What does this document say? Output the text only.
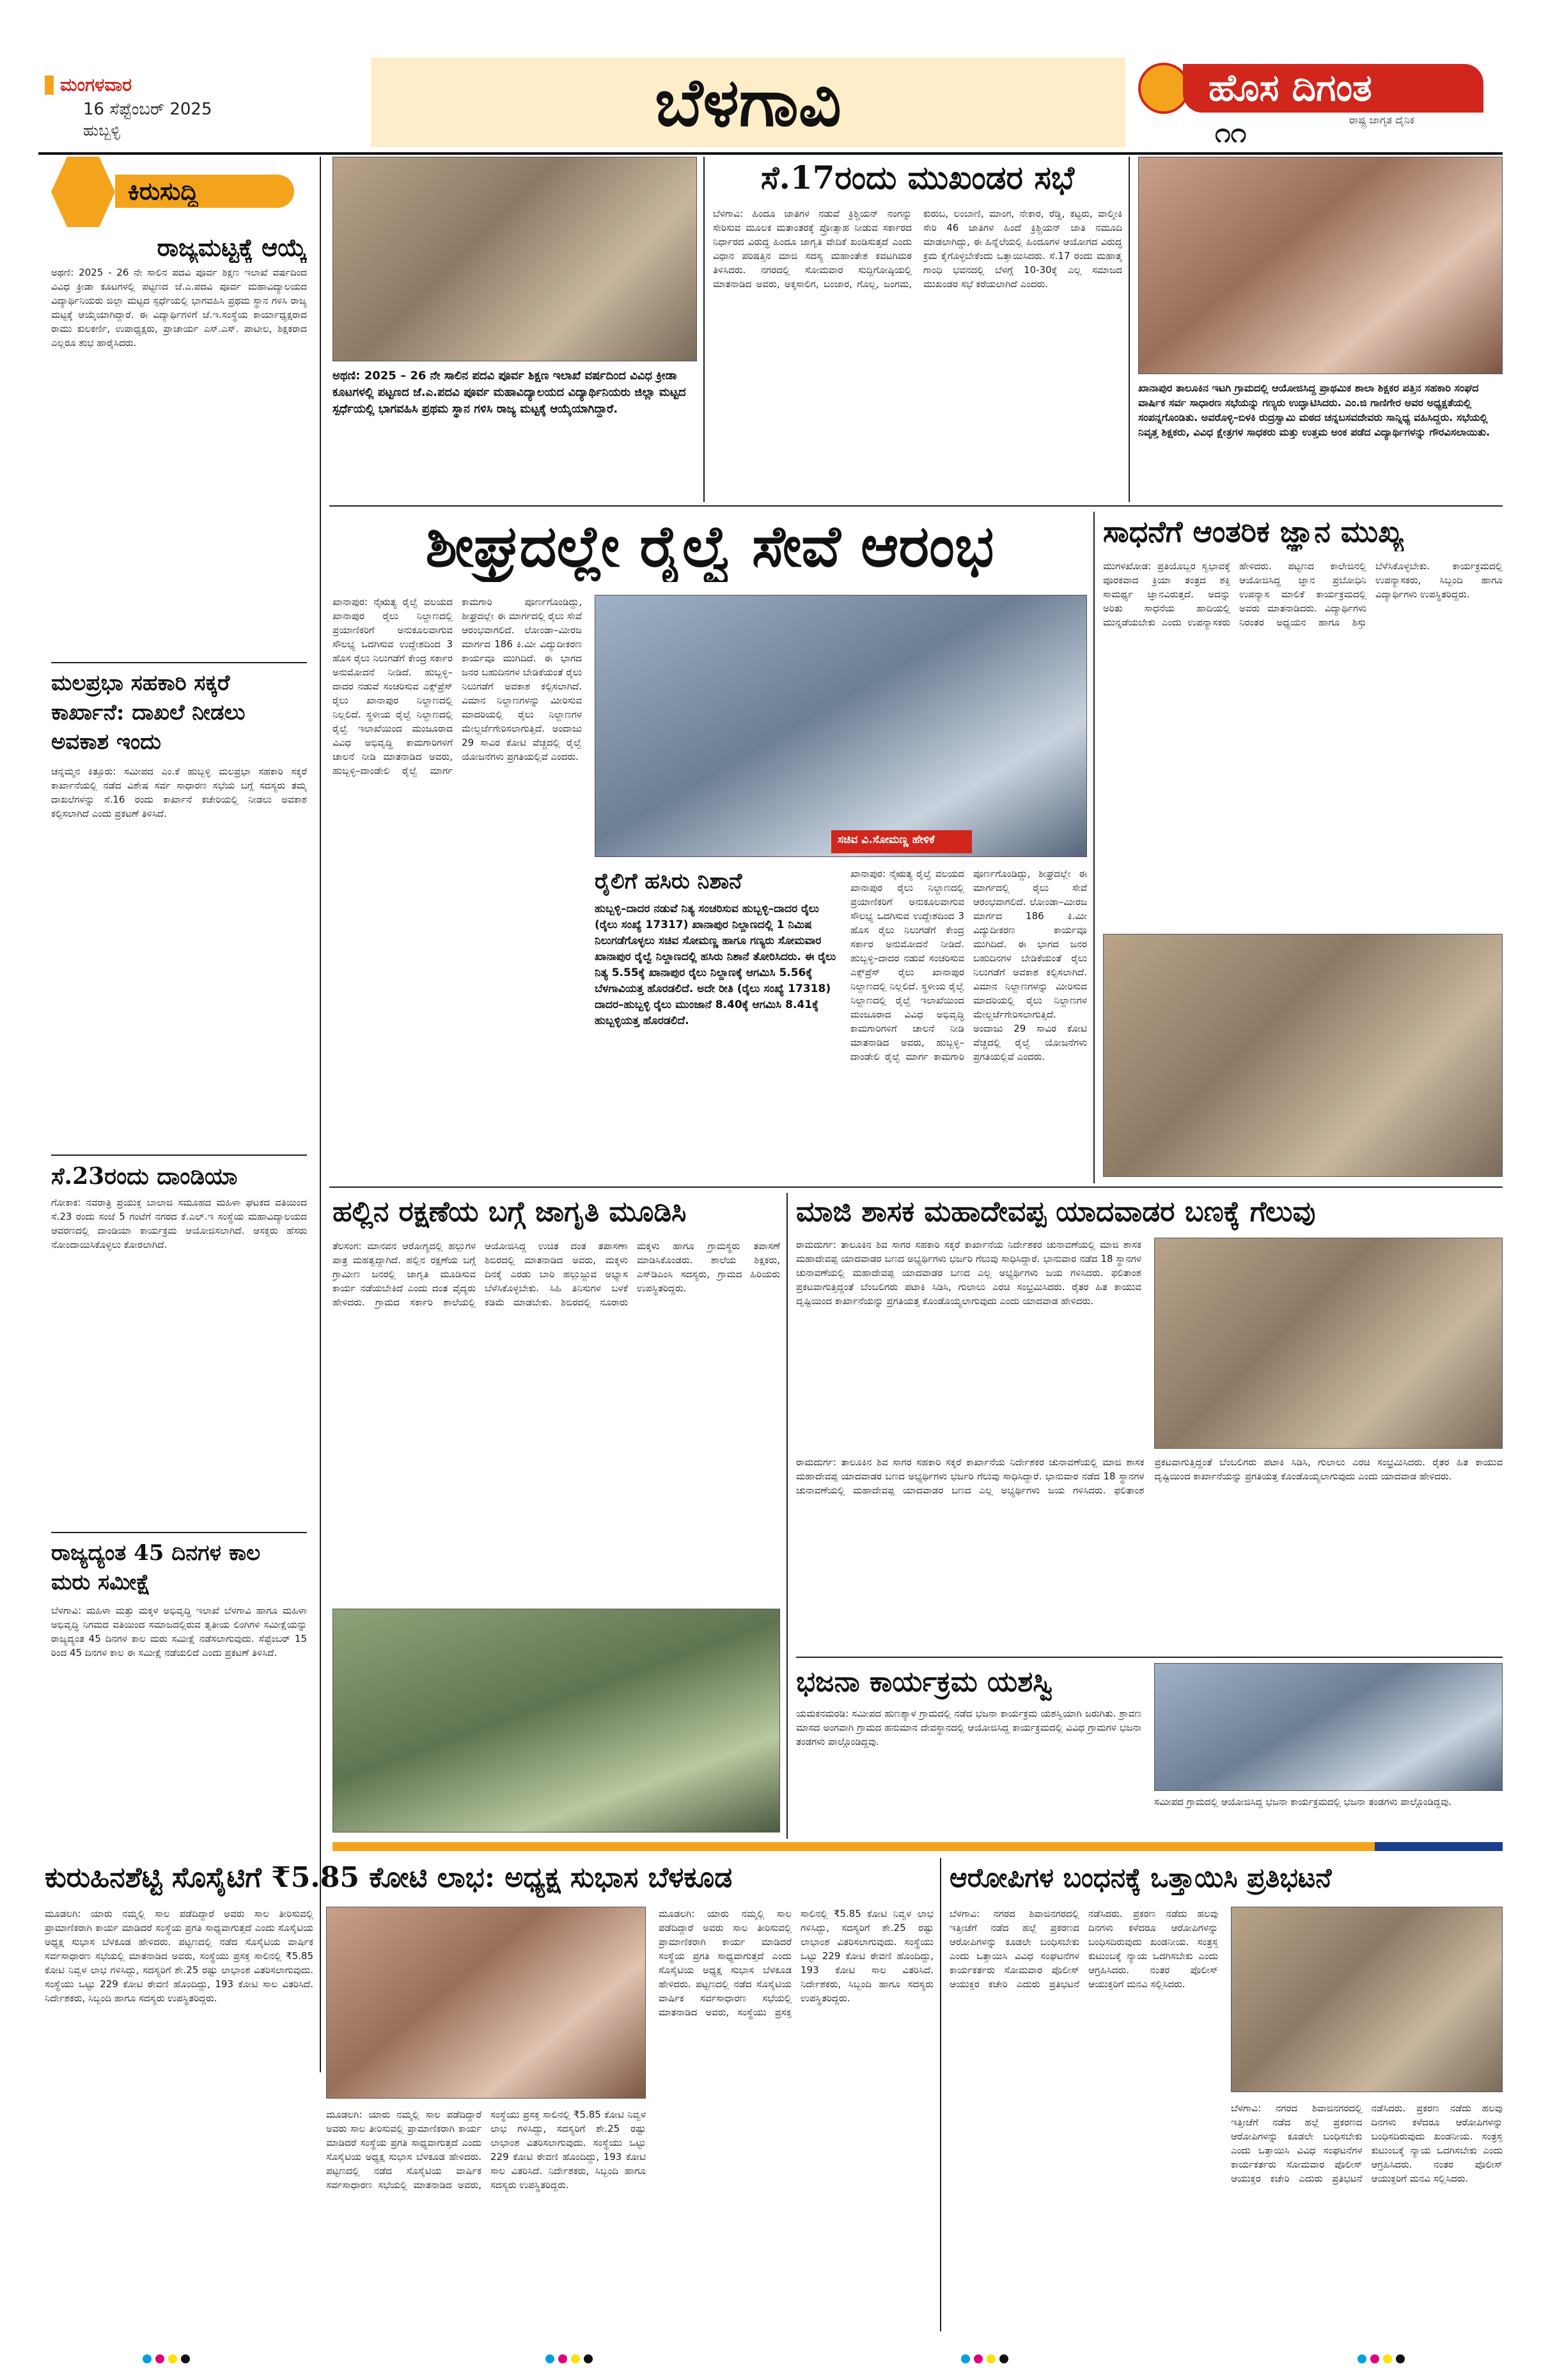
ಮಂಗಳವಾರ
16 ಸೆಪ್ಟೆಂಬರ್ 2025
ಹುಬ್ಬಳ್ಳಿ	ಬೆಳಗಾವಿ	ಹೊಸ ದಿಗಂತ
ರಾಷ್ಟ್ರ ಜಾಗೃತ ದೈನಿಕ
೧೧
ಕಿರುಸುದ್ದಿ
ರಾಜ್ಯಮಟ್ಟಕ್ಕೆ ಆಯ್ಕೆ
ಅಥಣಿ: 2025 - 26 ನೇ ಸಾಲಿನ ಪದವಿ ಪೂರ್ವ ಶಿಕ್ಷಣ ಇಲಾಖೆ ವರ್ಷದಿಂದ ವಿವಿಧ ಕ್ರೀಡಾ ಕೂಟಗಳಲ್ಲಿ ಪಟ್ಟಣದ ಜೆ.ಎ.ಪದವಿ ಪೂರ್ವ ಮಹಾವಿದ್ಯಾಲಯದ ವಿದ್ಯಾರ್ಥಿನಿಯರು ಜಿಲ್ಲಾ ಮಟ್ಟದ ಸ್ಪರ್ಧೆಯಲ್ಲಿ ಭಾಗವಹಿಸಿ ಪ್ರಥಮ ಸ್ಥಾನ ಗಳಿಸಿ ರಾಜ್ಯ ಮಟ್ಟಕ್ಕೆ ಆಯ್ಕೆಯಾಗಿದ್ದಾರೆ. ಈ ವಿದ್ಯಾರ್ಥಿಗಳಿಗೆ ಜೆ.ಇ.ಸಂಸ್ಥೆಯ ಕಾರ್ಯಾಧ್ಯಕ್ಷರಾದ ರಾಮು ಕುಲಕರ್ಣಿ, ಉಪಾಧ್ಯಕ್ಷರು, ಪ್ರಾಚಾರ್ಯ ಎಸ್.ಎಸ್. ಪಾಟೀಲ, ಶಿಕ್ಷಕರಾದ ಎಲ್ಲರೂ ಶುಭ ಹಾರೈಸಿದರು.
ಮಲಪ್ರಭಾ ಸಹಕಾರಿ ಸಕ್ಕರೆ ಕಾರ್ಖಾನೆ: ದಾಖಲೆ ನೀಡಲು ಅವಕಾಶ ಇಂದು
ಚನ್ನಮ್ಮನ ಕಿತ್ತೂರು: ಸಮೀಪದ ಎಂ.ಕೆ ಹುಬ್ಬಳ್ಳಿ ಮಲಪ್ರಭಾ ಸಹಕಾರಿ ಸಕ್ಕರೆ ಕಾರ್ಖಾನೆಯಲ್ಲಿ ನಡೆದ ವಿಶೇಷ ಸರ್ವ ಸಾಧಾರಣ ಸಭೆಯ ಬಗ್ಗೆ ಸದಸ್ಯರು ತಮ್ಮ ದಾಖಲೆಗಳನ್ನು ಸೆ.16 ರಂದು ಕಾರ್ಖಾನೆ ಕಚೇರಿಯಲ್ಲಿ ನೀಡಲು ಅವಕಾಶ ಕಲ್ಪಿಸಲಾಗಿದೆ ಎಂದು ಪ್ರಕಟಣೆ ತಿಳಿಸಿದೆ.
ಸೆ.23ರಂದು ದಾಂಡಿಯಾ
ಗೋಕಾಕ: ನವರಾತ್ರಿ ಪ್ರಯುಕ್ತ ಬಾಲಾಜಿ ಸಮೂಹದ ಮಹಿಳಾ ಘಟಕದ ವತಿಯಿಂದ ಸೆ.23 ರಂದು ಸಂಜೆ 5 ಗಂಟೆಗೆ ನಗರದ ಕೆ.ಎಲ್.ಇ ಸಂಸ್ಥೆಯ ಮಹಾವಿದ್ಯಾಲಯದ ಆವರಣದಲ್ಲಿ ದಾಂಡಿಯಾ ಕಾರ್ಯಕ್ರಮ ಆಯೋಜಿಸಲಾಗಿದೆ. ಆಸಕ್ತರು ಹೆಸರು ನೋಂದಾಯಿಸಿಕೊಳ್ಳಲು ಕೋರಲಾಗಿದೆ.
ರಾಜ್ಯದ್ಯಂತ 45 ದಿನಗಳ ಕಾಲ ಮರು ಸಮೀಕ್ಷೆ
ಬೆಳಗಾವಿ: ಮಹಿಳಾ ಮತ್ತು ಮಕ್ಕಳ ಅಭಿವೃದ್ಧಿ ಇಲಾಖೆ ಬೆಳಗಾವಿ ಹಾಗೂ ಮಹಿಳಾ ಅಭಿವೃದ್ಧಿ ನಿಗಮದ ವತಿಯಿಂದ ಸಮಾಜದಲ್ಲಿರುವ ತೃತೀಯ ಲಿಂಗಿಗಳ ಸಮೀಕ್ಷೆಯನ್ನು ರಾಜ್ಯದ್ಯಂತ 45 ದಿನಗಳ ಕಾಲ ಮರು ಸಮೀಕ್ಷೆ ನಡೆಸಲಾಗುವುದು. ಸೆಪ್ಟೆಂಬರ್ 15 ರಿಂದ 45 ದಿನಗಳ ಕಾಲ ಈ ಸಮೀಕ್ಷೆ ನಡೆಯಲಿದೆ ಎಂದು ಪ್ರಕಟಣೆ ತಿಳಿಸಿದೆ.
ಅಥಣಿ: 2025 – 26 ನೇ ಸಾಲಿನ ಪದವಿ ಪೂರ್ವ ಶಿಕ್ಷಣ ಇಲಾಖೆ ವರ್ಷದಿಂದ ವಿವಿಧ ಕ್ರೀಡಾ ಕೂಟಗಳಲ್ಲಿ ಪಟ್ಟಣದ ಜೆ.ಎ.ಪದವಿ ಪೂರ್ವ ಮಹಾವಿದ್ಯಾಲಯದ ವಿದ್ಯಾರ್ಥಿನಿಯರು ಜಿಲ್ಲಾ ಮಟ್ಟದ ಸ್ಪರ್ಧೆಯಲ್ಲಿ ಭಾಗವಹಿಸಿ ಪ್ರಥಮ ಸ್ಥಾನ ಗಳಿಸಿ ರಾಜ್ಯ ಮಟ್ಟಕ್ಕೆ ಆಯ್ಕೆಯಾಗಿದ್ದಾರೆ.
ಸೆ.17ರಂದು ಮುಖಂಡರ ಸಭೆ
ಬೆಳಗಾವಿ: ಹಿಂದೂ ಜಾತಿಗಳ ನಡುವೆ ಕ್ರಿಶ್ಚಿಯನ್ ನಂಗನ್ನು ಸೇರಿಸುವ ಮೂಲಕ ಮತಾಂತರಕ್ಕೆ ಪ್ರೋತ್ಸಾಹ ನೀಡುವ ಸರ್ಕಾರದ ನಿರ್ಧಾರದ ವಿರುದ್ಧ ಹಿಂದೂ ಜಾಗೃತಿ ವೇದಿಕೆ ಖಂಡಿಸುತ್ತದೆ ಎಂದು ವಿಧಾನ ಪರಿಷತ್ತಿನ ಮಾಜಿ ಸದಸ್ಯ ಮಹಾಂತೇಶ ಕವಟಗಿಮಠ ತಿಳಿಸಿದರು. ನಗರದಲ್ಲಿ ಸೋಮವಾರ ಸುದ್ದಿಗೋಷ್ಠಿಯಲ್ಲಿ ಮಾತನಾಡಿದ ಅವರು, ಅಕ್ಕಸಾಲಿಗ, ಬಂಜಾರ, ಗೊಲ್ಲ, ಜಂಗಮ, ಕುರುಬ, ಲಂಬಾಣಿ, ಮಾಂಗ, ನೇಕಾರ, ರೆಡ್ಡಿ, ಕಟ್ಟರು, ವಾಲ್ಮೀಕಿ ಸೇರಿ 46 ಜಾತಿಗಳ ಹಿಂದೆ ಕ್ರಿಶ್ಚಿಯನ್ ಜಾತಿ ನಮೂದಿ ಮಾಡಲಾಗಿದ್ದು, ಈ ಹಿನ್ನೆಲೆಯಲ್ಲಿ ಹಿಂದೂಗಳ ಆಯೋಗದ ವಿರುದ್ಧ ಕ್ರಮ ಕೈಗೊಳ್ಳಬೇಕೆಂದು ಒತ್ತಾಯಿಸಿದರು. ಸೆ.17 ರಂದು ಮಹಾತ್ಮ ಗಾಂಧಿ ಭವನದಲ್ಲಿ ಬೆಳಗ್ಗೆ 10-30ಕ್ಕೆ ಎಲ್ಲ ಸಮಾಜದ ಮುಖಂಡರ ಸಭೆ ಕರೆಯಲಾಗಿದೆ ಎಂದರು.
ಖಾನಾಪುರ ತಾಲೂಕಿನ ಇಟಗಿ ಗ್ರಾಮದಲ್ಲಿ ಆಯೋಜಿಸಿದ್ದ ಪ್ರಾಥಮಿಕ ಶಾಲಾ ಶಿಕ್ಷಕರ ಪತ್ತಿನ ಸಹಕಾರಿ ಸಂಘದ ವಾರ್ಷಿಕ ಸರ್ವ ಸಾಧಾರಣ ಸಭೆಯನ್ನು ಗಣ್ಯರು ಉದ್ಘಾಟಿಸಿದರು. ಎಂ.ಜಿ ಗಾಣಿಗೇರ ಅವರ ಅಧ್ಯಕ್ಷತೆಯಲ್ಲಿ ಸಂಪನ್ನಗೊಂಡಿತು. ಅವರೊಳ್ಳಿ–ಬಿಳಕಿ ರುದ್ರಸ್ವಾಮಿ ಮಠದ ಚನ್ನಬಸವದೇವರು ಸಾನ್ನಿಧ್ಯ ವಹಿಸಿದ್ದರು. ಸಭೆಯಲ್ಲಿ ನಿವೃತ್ತ ಶಿಕ್ಷಕರು, ವಿವಿಧ ಕ್ಷೇತ್ರಗಳ ಸಾಧಕರು ಮತ್ತು ಉತ್ತಮ ಅಂಕ ಪಡೆದ ವಿದ್ಯಾರ್ಥಿಗಳನ್ನು ಗೌರವಿಸಲಾಯಿತು.
ಶೀಘ್ರದಲ್ಲೇ ರೈಲ್ವೆ ಸೇವೆ ಆರಂಭ
ಖಾನಾಪುರ: ನೈಋತ್ಯ ರೈಲ್ವೆ ವಲಯದ ಖಾನಾಪುರ ರೈಲು ನಿಲ್ದಾಣದಲ್ಲಿ ಪ್ರಯಾಣಿಕರಿಗೆ ಅನುಕೂಲವಾಗುವ ಸೌಲಭ್ಯ ಒದಗಿಸುವ ಉದ್ದೇಶದಿಂದ 3 ಹೊಸ ರೈಲು ನಿಲುಗಡೆಗೆ ಕೇಂದ್ರ ಸರ್ಕಾರ ಅನುಮೋದನೆ ನೀಡಿದೆ. ಹುಬ್ಬಳ್ಳಿ–ದಾದರ ನಡುವೆ ಸಂಚರಿಸುವ ಎಕ್ಸ್‌ಪ್ರೆಸ್ ರೈಲು ಖಾನಾಪುರ ನಿಲ್ದಾಣದಲ್ಲಿ ನಿಲ್ಲಲಿದೆ. ಸ್ಥಳೀಯ ರೈಲ್ವೆ ನಿಲ್ದಾಣದಲ್ಲಿ ರೈಲ್ವೆ ಇಲಾಖೆಯಿಂದ ಮಂಜೂರಾದ ವಿವಿಧ ಅಭಿವೃದ್ಧಿ ಕಾಮಗಾರಿಗಳಿಗೆ ಚಾಲನೆ ನೀಡಿ ಮಾತನಾಡಿದ ಅವರು, ಹುಬ್ಬಳ್ಳಿ–ದಾಂಡೇಲಿ ರೈಲ್ವೆ ಮಾರ್ಗ ಕಾಮಗಾರಿ ಪೂರ್ಣಗೊಂಡಿದ್ದು, ಶೀಘ್ರದಲ್ಲೇ ಈ ಮಾರ್ಗದಲ್ಲಿ ರೈಲು ಸೇವೆ ಆರಂಭವಾಗಲಿದೆ. ಲೋಂಡಾ–ಮೀರಜ ಮಾರ್ಗದ 186 ಕಿ.ಮೀ ವಿದ್ಯುದೀಕರಣ ಕಾರ್ಯವೂ ಮುಗಿದಿದೆ. ಈ ಭಾಗದ ಜನರ ಬಹುದಿನಗಳ ಬೇಡಿಕೆಯಂತೆ ರೈಲು ನಿಲುಗಡೆಗೆ ಅವಕಾಶ ಕಲ್ಪಿಸಲಾಗಿದೆ. ವಿಮಾನ ನಿಲ್ದಾಣಗಳನ್ನು ಮೀರಿಸುವ ಮಾದರಿಯಲ್ಲಿ ರೈಲು ನಿಲ್ದಾಣಗಳ ಮೇಲ್ದರ್ಜೆಗೇರಿಸಲಾಗುತ್ತಿದೆ. ಅಂದಾಜು 29 ಸಾವಿರ ಕೋಟಿ ವೆಚ್ಚದಲ್ಲಿ ರೈಲ್ವೆ ಯೋಜನೆಗಳು ಪ್ರಗತಿಯಲ್ಲಿವೆ ಎಂದರು.
ಸಚಿವ ವಿ.ಸೋಮಣ್ಣ ಹೇಳಿಕೆ
ರೈಲಿಗೆ ಹಸಿರು ನಿಶಾನೆ
ಹುಬ್ಬಳ್ಳಿ–ದಾದರ ನಡುವೆ ನಿತ್ಯ ಸಂಚರಿಸುವ ಹುಬ್ಬಳ್ಳಿ–ದಾದರ ರೈಲು (ರೈಲು ಸಂಖ್ಯೆ 17317) ಖಾನಾಪುರ ನಿಲ್ದಾಣದಲ್ಲಿ 1 ನಿಮಿಷ ನಿಲುಗಡೆಗೊಳ್ಳಲು ಸಚಿವ ಸೋಮಣ್ಣ ಹಾಗೂ ಗಣ್ಯರು ಸೋಮವಾರ ಖಾನಾಪುರ ರೈಲ್ವೆ ನಿಲ್ದಾಣದಲ್ಲಿ ಹಸಿರು ನಿಶಾನೆ ತೋರಿಸಿದರು. ಈ ರೈಲು ನಿತ್ಯ 5.55ಕ್ಕೆ ಖಾನಾಪುರ ರೈಲು ನಿಲ್ದಾಣಕ್ಕೆ ಆಗಮಿಸಿ 5.56ಕ್ಕೆ ಬೆಳಗಾವಿಯತ್ತ ಹೊರಡಲಿದೆ. ಅದೇ ರೀತಿ (ರೈಲು ಸಂಖ್ಯೆ 17318) ದಾದರ–ಹುಬ್ಬಳ್ಳಿ ರೈಲು ಮುಂಜಾನೆ 8.40ಕ್ಕೆ ಆಗಮಿಸಿ 8.41ಕ್ಕೆ ಹುಬ್ಬಳ್ಳಿಯತ್ತ ಹೊರಡಲಿದೆ.
ಖಾನಾಪುರ: ನೈಋತ್ಯ ರೈಲ್ವೆ ವಲಯದ ಖಾನಾಪುರ ರೈಲು ನಿಲ್ದಾಣದಲ್ಲಿ ಪ್ರಯಾಣಿಕರಿಗೆ ಅನುಕೂಲವಾಗುವ ಸೌಲಭ್ಯ ಒದಗಿಸುವ ಉದ್ದೇಶದಿಂದ 3 ಹೊಸ ರೈಲು ನಿಲುಗಡೆಗೆ ಕೇಂದ್ರ ಸರ್ಕಾರ ಅನುಮೋದನೆ ನೀಡಿದೆ. ಹುಬ್ಬಳ್ಳಿ–ದಾದರ ನಡುವೆ ಸಂಚರಿಸುವ ಎಕ್ಸ್‌ಪ್ರೆಸ್ ರೈಲು ಖಾನಾಪುರ ನಿಲ್ದಾಣದಲ್ಲಿ ನಿಲ್ಲಲಿದೆ. ಸ್ಥಳೀಯ ರೈಲ್ವೆ ನಿಲ್ದಾಣದಲ್ಲಿ ರೈಲ್ವೆ ಇಲಾಖೆಯಿಂದ ಮಂಜೂರಾದ ವಿವಿಧ ಅಭಿವೃದ್ಧಿ ಕಾಮಗಾರಿಗಳಿಗೆ ಚಾಲನೆ ನೀಡಿ ಮಾತನಾಡಿದ ಅವರು, ಹುಬ್ಬಳ್ಳಿ–ದಾಂಡೇಲಿ ರೈಲ್ವೆ ಮಾರ್ಗ ಕಾಮಗಾರಿ ಪೂರ್ಣಗೊಂಡಿದ್ದು, ಶೀಘ್ರದಲ್ಲೇ ಈ ಮಾರ್ಗದಲ್ಲಿ ರೈಲು ಸೇವೆ ಆರಂಭವಾಗಲಿದೆ. ಲೋಂಡಾ–ಮೀರಜ ಮಾರ್ಗದ 186 ಕಿ.ಮೀ ವಿದ್ಯುದೀಕರಣ ಕಾರ್ಯವೂ ಮುಗಿದಿದೆ. ಈ ಭಾಗದ ಜನರ ಬಹುದಿನಗಳ ಬೇಡಿಕೆಯಂತೆ ರೈಲು ನಿಲುಗಡೆಗೆ ಅವಕಾಶ ಕಲ್ಪಿಸಲಾಗಿದೆ. ವಿಮಾನ ನಿಲ್ದಾಣಗಳನ್ನು ಮೀರಿಸುವ ಮಾದರಿಯಲ್ಲಿ ರೈಲು ನಿಲ್ದಾಣಗಳ ಮೇಲ್ದರ್ಜೆಗೇರಿಸಲಾಗುತ್ತಿದೆ. ಅಂದಾಜು 29 ಸಾವಿರ ಕೋಟಿ ವೆಚ್ಚದಲ್ಲಿ ರೈಲ್ವೆ ಯೋಜನೆಗಳು ಪ್ರಗತಿಯಲ್ಲಿವೆ ಎಂದರು.
ಸಾಧನೆಗೆ ಆಂತರಿಕ ಜ್ಞಾನ ಮುಖ್ಯ
ಮುಗಳಖೋಡ: ಪ್ರತಿಯೊಬ್ಬರ ಸ್ವಭಾವಕ್ಕೆ ಪೂರಕವಾದ ಕ್ರಿಯಾ ತಂತ್ರದ ಶಕ್ತಿ ಸಾಮರ್ಥ್ಯ ಜ್ಞಾನವಿರುತ್ತದೆ. ಅದನ್ನು ಅರಿತು ಸಾಧನೆಯ ಹಾದಿಯಲ್ಲಿ ಮುನ್ನಡೆಯಬೇಕು ಎಂದು ಉಪನ್ಯಾಸಕರು ಹೇಳಿದರು. ಪಟ್ಟಣದ ಕಾಲೇಜಿನಲ್ಲಿ ಆಯೋಜಿಸಿದ್ದ ಜ್ಞಾನ ಪ್ರಬೋಧಿನಿ ಉಪನ್ಯಾಸ ಮಾಲಿಕೆ ಕಾರ್ಯಕ್ರಮದಲ್ಲಿ ಅವರು ಮಾತನಾಡಿದರು. ವಿದ್ಯಾರ್ಥಿಗಳು ನಿರಂತರ ಅಧ್ಯಯನ ಹಾಗೂ ಶಿಸ್ತು ಬೆಳೆಸಿಕೊಳ್ಳಬೇಕು. ಕಾರ್ಯಕ್ರಮದಲ್ಲಿ ಉಪನ್ಯಾಸಕರು, ಸಿಬ್ಬಂದಿ ಹಾಗೂ ವಿದ್ಯಾರ್ಥಿಗಳು ಉಪಸ್ಥಿತರಿದ್ದರು.
ಹಲ್ಲಿನ ರಕ್ಷಣೆಯ ಬಗ್ಗೆ ಜಾಗೃತಿ ಮೂಡಿಸಿ
ತೆಲಸಂಗ: ಮಾನವನ ಆರೋಗ್ಯದಲ್ಲಿ ಹಲ್ಲುಗಳ ಪಾತ್ರ ಮಹತ್ವದ್ದಾಗಿದೆ. ಹಲ್ಲಿನ ರಕ್ಷಣೆಯ ಬಗ್ಗೆ ಗ್ರಾಮೀಣ ಜನರಲ್ಲಿ ಜಾಗೃತಿ ಮೂಡಿಸುವ ಕಾರ್ಯ ನಡೆಯಬೇಕಿದೆ ಎಂದು ದಂತ ವೈದ್ಯರು ಹೇಳಿದರು. ಗ್ರಾಮದ ಸರ್ಕಾರಿ ಶಾಲೆಯಲ್ಲಿ ಆಯೋಜಿಸಿದ್ದ ಉಚಿತ ದಂತ ತಪಾಸಣಾ ಶಿಬಿರದಲ್ಲಿ ಮಾತನಾಡಿದ ಅವರು, ಮಕ್ಕಳು ದಿನಕ್ಕೆ ಎರಡು ಬಾರಿ ಹಲ್ಲುಜ್ಜುವ ಅಭ್ಯಾಸ ಬೆಳೆಸಿಕೊಳ್ಳಬೇಕು. ಸಿಹಿ ತಿನಿಸುಗಳ ಬಳಕೆ ಕಡಿಮೆ ಮಾಡಬೇಕು. ಶಿಬಿರದಲ್ಲಿ ನೂರಾರು ಮಕ್ಕಳು ಹಾಗೂ ಗ್ರಾಮಸ್ಥರು ತಪಾಸಣೆ ಮಾಡಿಸಿಕೊಂಡರು. ಶಾಲೆಯ ಶಿಕ್ಷಕರು, ಎಸ್‌ಡಿಎಂಸಿ ಸದಸ್ಯರು, ಗ್ರಾಮದ ಹಿರಿಯರು ಉಪಸ್ಥಿತರಿದ್ದರು.
ಮಾಜಿ ಶಾಸಕ ಮಹಾದೇವಪ್ಪ ಯಾದವಾಡರ ಬಣಕ್ಕೆ ಗೆಲುವು
ರಾಮದುರ್ಗ: ತಾಲೂಕಿನ ಶಿವ ಸಾಗರ ಸಹಕಾರಿ ಸಕ್ಕರೆ ಕಾರ್ಖಾನೆಯ ನಿರ್ದೇಶಕರ ಚುನಾವಣೆಯಲ್ಲಿ ಮಾಜಿ ಶಾಸಕ ಮಹಾದೇವಪ್ಪ ಯಾದವಾಡರ ಬಣದ ಅಭ್ಯರ್ಥಿಗಳು ಭರ್ಜರಿ ಗೆಲುವು ಸಾಧಿಸಿದ್ದಾರೆ. ಭಾನುವಾರ ನಡೆದ 18 ಸ್ಥಾನಗಳ ಚುನಾವಣೆಯಲ್ಲಿ ಮಹಾದೇವಪ್ಪ ಯಾದವಾಡರ ಬಣದ ಎಲ್ಲ ಅಭ್ಯರ್ಥಿಗಳು ಜಯ ಗಳಿಸಿದರು. ಫಲಿತಾಂಶ ಪ್ರಕಟವಾಗುತ್ತಿದ್ದಂತೆ ಬೆಂಬಲಿಗರು ಪಟಾಕಿ ಸಿಡಿಸಿ, ಗುಲಾಲು ಎರಚಿ ಸಂಭ್ರಮಿಸಿದರು. ರೈತರ ಹಿತ ಕಾಯುವ ದೃಷ್ಟಿಯಿಂದ ಕಾರ್ಖಾನೆಯನ್ನು ಪ್ರಗತಿಯತ್ತ ಕೊಂಡೊಯ್ಯಲಾಗುವುದು ಎಂದು ಯಾದವಾಡ ಹೇಳಿದರು.
ರಾಮದುರ್ಗ: ತಾಲೂಕಿನ ಶಿವ ಸಾಗರ ಸಹಕಾರಿ ಸಕ್ಕರೆ ಕಾರ್ಖಾನೆಯ ನಿರ್ದೇಶಕರ ಚುನಾವಣೆಯಲ್ಲಿ ಮಾಜಿ ಶಾಸಕ ಮಹಾದೇವಪ್ಪ ಯಾದವಾಡರ ಬಣದ ಅಭ್ಯರ್ಥಿಗಳು ಭರ್ಜರಿ ಗೆಲುವು ಸಾಧಿಸಿದ್ದಾರೆ. ಭಾನುವಾರ ನಡೆದ 18 ಸ್ಥಾನಗಳ ಚುನಾವಣೆಯಲ್ಲಿ ಮಹಾದೇವಪ್ಪ ಯಾದವಾಡರ ಬಣದ ಎಲ್ಲ ಅಭ್ಯರ್ಥಿಗಳು ಜಯ ಗಳಿಸಿದರು. ಫಲಿತಾಂಶ ಪ್ರಕಟವಾಗುತ್ತಿದ್ದಂತೆ ಬೆಂಬಲಿಗರು ಪಟಾಕಿ ಸಿಡಿಸಿ, ಗುಲಾಲು ಎರಚಿ ಸಂಭ್ರಮಿಸಿದರು. ರೈತರ ಹಿತ ಕಾಯುವ ದೃಷ್ಟಿಯಿಂದ ಕಾರ್ಖಾನೆಯನ್ನು ಪ್ರಗತಿಯತ್ತ ಕೊಂಡೊಯ್ಯಲಾಗುವುದು ಎಂದು ಯಾದವಾಡ ಹೇಳಿದರು.
ಭಜನಾ ಕಾರ್ಯಕ್ರಮ ಯಶಸ್ವಿ
ಯಮಕನಮರಡಿ: ಸಮೀಪದ ಹುಣಶ್ಯಾಳ ಗ್ರಾಮದಲ್ಲಿ ನಡೆದ ಭಜನಾ ಕಾರ್ಯಕ್ರಮ ಯಶಸ್ವಿಯಾಗಿ ಜರುಗಿತು. ಶ್ರಾವಣ ಮಾಸದ ಅಂಗವಾಗಿ ಗ್ರಾಮದ ಹನುಮಾನ ದೇವಸ್ಥಾನದಲ್ಲಿ ಆಯೋಜಿಸಿದ್ದ ಕಾರ್ಯಕ್ರಮದಲ್ಲಿ ವಿವಿಧ ಗ್ರಾಮಗಳ ಭಜನಾ ತಂಡಗಳು ಪಾಲ್ಗೊಂಡಿದ್ದವು.
ಸಮೀಪದ ಗ್ರಾಮದಲ್ಲಿ ಆಯೋಜಿಸಿದ್ದ ಭಜನಾ ಕಾರ್ಯಕ್ರಮದಲ್ಲಿ ಭಜನಾ ತಂಡಗಳು ಪಾಲ್ಗೊಂಡಿದ್ದವು.
ಕುರುಹಿನಶೆಟ್ಟಿ ಸೊಸೈಟಿಗೆ ₹5.85 ಕೋಟಿ ಲಾಭ: ಅಧ್ಯಕ್ಷ ಸುಭಾಸ ಬೆಳಕೂಡ
ಮೂಡಲಗಿ: ಯಾರು ನಮ್ಮಲ್ಲಿ ಸಾಲ ಪಡೆದಿದ್ದಾರೆ ಅವರು ಸಾಲ ತೀರಿಸುವಲ್ಲಿ ಪ್ರಾಮಾಣಿಕರಾಗಿ ಕಾರ್ಯ ಮಾಡಿದರೆ ಸಂಸ್ಥೆಯ ಪ್ರಗತಿ ಸಾಧ್ಯವಾಗುತ್ತದೆ ಎಂದು ಸೊಸೈಟಿಯ ಅಧ್ಯಕ್ಷ ಸುಭಾಸ ಬೆಳಕೂಡ ಹೇಳಿದರು. ಪಟ್ಟಣದಲ್ಲಿ ನಡೆದ ಸೊಸೈಟಿಯ ವಾರ್ಷಿಕ ಸರ್ವಸಾಧಾರಣ ಸಭೆಯಲ್ಲಿ ಮಾತನಾಡಿದ ಅವರು, ಸಂಸ್ಥೆಯು ಪ್ರಸಕ್ತ ಸಾಲಿನಲ್ಲಿ ₹5.85 ಕೋಟಿ ನಿವ್ವಳ ಲಾಭ ಗಳಿಸಿದ್ದು, ಸದಸ್ಯರಿಗೆ ಶೇ.25 ರಷ್ಟು ಲಾಭಾಂಶ ವಿತರಿಸಲಾಗುವುದು. ಸಂಸ್ಥೆಯು ಒಟ್ಟು 229 ಕೋಟಿ ಠೇವಣಿ ಹೊಂದಿದ್ದು, 193 ಕೋಟಿ ಸಾಲ ವಿತರಿಸಿದೆ. ನಿರ್ದೇಶಕರು, ಸಿಬ್ಬಂದಿ ಹಾಗೂ ಸದಸ್ಯರು ಉಪಸ್ಥಿತರಿದ್ದರು.
ಮೂಡಲಗಿ: ಯಾರು ನಮ್ಮಲ್ಲಿ ಸಾಲ ಪಡೆದಿದ್ದಾರೆ ಅವರು ಸಾಲ ತೀರಿಸುವಲ್ಲಿ ಪ್ರಾಮಾಣಿಕರಾಗಿ ಕಾರ್ಯ ಮಾಡಿದರೆ ಸಂಸ್ಥೆಯ ಪ್ರಗತಿ ಸಾಧ್ಯವಾಗುತ್ತದೆ ಎಂದು ಸೊಸೈಟಿಯ ಅಧ್ಯಕ್ಷ ಸುಭಾಸ ಬೆಳಕೂಡ ಹೇಳಿದರು. ಪಟ್ಟಣದಲ್ಲಿ ನಡೆದ ಸೊಸೈಟಿಯ ವಾರ್ಷಿಕ ಸರ್ವಸಾಧಾರಣ ಸಭೆಯಲ್ಲಿ ಮಾತನಾಡಿದ ಅವರು, ಸಂಸ್ಥೆಯು ಪ್ರಸಕ್ತ ಸಾಲಿನಲ್ಲಿ ₹5.85 ಕೋಟಿ ನಿವ್ವಳ ಲಾಭ ಗಳಿಸಿದ್ದು, ಸದಸ್ಯರಿಗೆ ಶೇ.25 ರಷ್ಟು ಲಾಭಾಂಶ ವಿತರಿಸಲಾಗುವುದು. ಸಂಸ್ಥೆಯು ಒಟ್ಟು 229 ಕೋಟಿ ಠೇವಣಿ ಹೊಂದಿದ್ದು, 193 ಕೋಟಿ ಸಾಲ ವಿತರಿಸಿದೆ. ನಿರ್ದೇಶಕರು, ಸಿಬ್ಬಂದಿ ಹಾಗೂ ಸದಸ್ಯರು ಉಪಸ್ಥಿತರಿದ್ದರು.
ಮೂಡಲಗಿ: ಯಾರು ನಮ್ಮಲ್ಲಿ ಸಾಲ ಪಡೆದಿದ್ದಾರೆ ಅವರು ಸಾಲ ತೀರಿಸುವಲ್ಲಿ ಪ್ರಾಮಾಣಿಕರಾಗಿ ಕಾರ್ಯ ಮಾಡಿದರೆ ಸಂಸ್ಥೆಯ ಪ್ರಗತಿ ಸಾಧ್ಯವಾಗುತ್ತದೆ ಎಂದು ಸೊಸೈಟಿಯ ಅಧ್ಯಕ್ಷ ಸುಭಾಸ ಬೆಳಕೂಡ ಹೇಳಿದರು. ಪಟ್ಟಣದಲ್ಲಿ ನಡೆದ ಸೊಸೈಟಿಯ ವಾರ್ಷಿಕ ಸರ್ವಸಾಧಾರಣ ಸಭೆಯಲ್ಲಿ ಮಾತನಾಡಿದ ಅವರು, ಸಂಸ್ಥೆಯು ಪ್ರಸಕ್ತ ಸಾಲಿನಲ್ಲಿ ₹5.85 ಕೋಟಿ ನಿವ್ವಳ ಲಾಭ ಗಳಿಸಿದ್ದು, ಸದಸ್ಯರಿಗೆ ಶೇ.25 ರಷ್ಟು ಲಾಭಾಂಶ ವಿತರಿಸಲಾಗುವುದು. ಸಂಸ್ಥೆಯು ಒಟ್ಟು 229 ಕೋಟಿ ಠೇವಣಿ ಹೊಂದಿದ್ದು, 193 ಕೋಟಿ ಸಾಲ ವಿತರಿಸಿದೆ. ನಿರ್ದೇಶಕರು, ಸಿಬ್ಬಂದಿ ಹಾಗೂ ಸದಸ್ಯರು ಉಪಸ್ಥಿತರಿದ್ದರು.
ಆರೋಪಿಗಳ ಬಂಧನಕ್ಕೆ ಒತ್ತಾಯಿಸಿ ಪ್ರತಿಭಟನೆ
ಬೆಳಗಾವಿ: ನಗರದ ಶಿವಾಜಿನಗರದಲ್ಲಿ ಇತ್ತೀಚೆಗೆ ನಡೆದ ಹಲ್ಲೆ ಪ್ರಕರಣದ ಆರೋಪಿಗಳನ್ನು ಕೂಡಲೇ ಬಂಧಿಸಬೇಕು ಎಂದು ಒತ್ತಾಯಿಸಿ ವಿವಿಧ ಸಂಘಟನೆಗಳ ಕಾರ್ಯಕರ್ತರು ಸೋಮವಾರ ಪೊಲೀಸ್ ಆಯುಕ್ತರ ಕಚೇರಿ ಎದುರು ಪ್ರತಿಭಟನೆ ನಡೆಸಿದರು. ಪ್ರಕರಣ ನಡೆದು ಹಲವು ದಿನಗಳು ಕಳೆದರೂ ಆರೋಪಿಗಳನ್ನು ಬಂಧಿಸದಿರುವುದು ಖಂಡನೀಯ. ಸಂತ್ರಸ್ತ ಕುಟುಂಬಕ್ಕೆ ನ್ಯಾಯ ಒದಗಿಸಬೇಕು ಎಂದು ಆಗ್ರಹಿಸಿದರು. ನಂತರ ಪೊಲೀಸ್ ಆಯುಕ್ತರಿಗೆ ಮನವಿ ಸಲ್ಲಿಸಿದರು.
ಬೆಳಗಾವಿ: ನಗರದ ಶಿವಾಜಿನಗರದಲ್ಲಿ ಇತ್ತೀಚೆಗೆ ನಡೆದ ಹಲ್ಲೆ ಪ್ರಕರಣದ ಆರೋಪಿಗಳನ್ನು ಕೂಡಲೇ ಬಂಧಿಸಬೇಕು ಎಂದು ಒತ್ತಾಯಿಸಿ ವಿವಿಧ ಸಂಘಟನೆಗಳ ಕಾರ್ಯಕರ್ತರು ಸೋಮವಾರ ಪೊಲೀಸ್ ಆಯುಕ್ತರ ಕಚೇರಿ ಎದುರು ಪ್ರತಿಭಟನೆ ನಡೆಸಿದರು. ಪ್ರಕರಣ ನಡೆದು ಹಲವು ದಿನಗಳು ಕಳೆದರೂ ಆರೋಪಿಗಳನ್ನು ಬಂಧಿಸದಿರುವುದು ಖಂಡನೀಯ. ಸಂತ್ರಸ್ತ ಕುಟುಂಬಕ್ಕೆ ನ್ಯಾಯ ಒದಗಿಸಬೇಕು ಎಂದು ಆಗ್ರಹಿಸಿದರು. ನಂತರ ಪೊಲೀಸ್ ಆಯುಕ್ತರಿಗೆ ಮನವಿ ಸಲ್ಲಿಸಿದರು.
